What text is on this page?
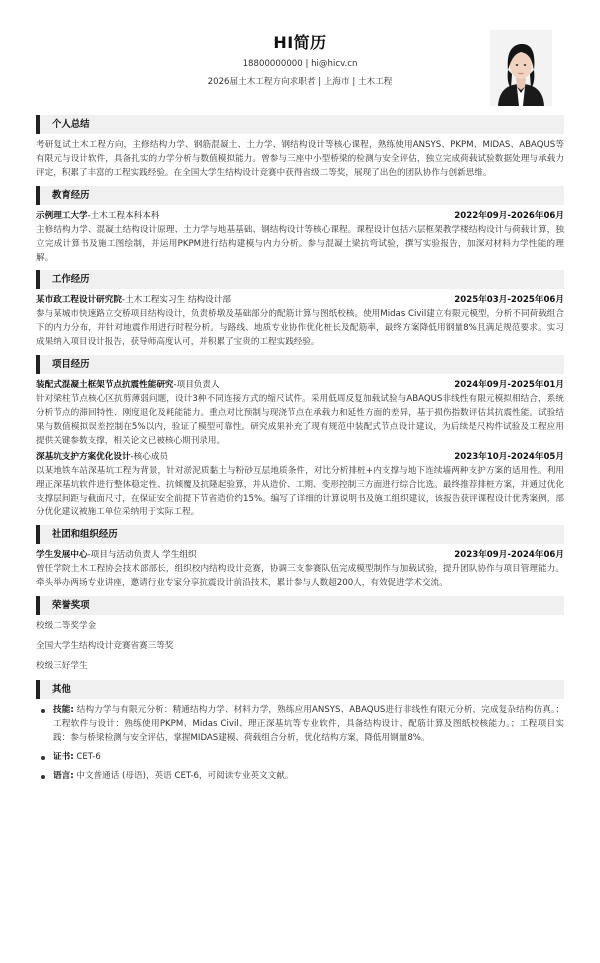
HI简历
18800000000 | hi@hicv.cn
2026届土木工程方向求职者 | 上海市 | 土木工程
个人总结
考研复试土木工程方向，主修结构力学、钢筋混凝土、土力学、钢结构设计等核心课程，熟练使用ANSYS、PKPM、MIDAS、ABAQUS等有限元与设计软件，具备扎实的力学分析与数值模拟能力。曾参与三座中小型桥梁的检测与安全评估，独立完成荷载试验数据处理与承载力评定，积累了丰富的工程实践经验。在全国大学生结构设计竞赛中获得省级二等奖，展现了出色的团队协作与创新思维。
教育经历
示例理工大学-土木工程本科本科	2022年09月-2026年06月
主修结构力学、混凝土结构设计原理、土力学与地基基础、钢结构设计等核心课程。课程设计包括六层框架教学楼结构设计与荷载计算，独立完成计算书及施工图绘制，并运用PKPM进行结构建模与内力分析。参与混凝土梁抗弯试验，撰写实验报告，加深对材料力学性能的理解。
工作经历
某市政工程设计研究院-土木工程实习生 结构设计部	2025年03月-2025年06月
参与某城市快速路立交桥项目结构设计，负责桥墩及基础部分的配筋计算与图纸校核。使用Midas Civil建立有限元模型，分析不同荷载组合下的内力分布，并针对地震作用进行时程分析。与路线、地质专业协作优化桩长及配筋率，最终方案降低用钢量8%且满足规范要求。实习成果纳入项目设计报告，获导师高度认可，并积累了宝贵的工程实践经验。
项目经历
装配式混凝土框架节点抗震性能研究-项目负责人	2024年09月-2025年01月
针对梁柱节点核心区抗剪薄弱问题，设计3种不同连接方式的缩尺试件。采用低周反复加载试验与ABAQUS非线性有限元模拟相结合，系统分析节点的滞回特性、刚度退化及耗能能力。重点对比预制与现浇节点在承载力和延性方面的差异，基于损伤指数评估其抗震性能。试验结果与数值模拟误差控制在5%以内，验证了模型可靠性。研究成果补充了现有规范中装配式节点设计建议，为后续是尺构件试验及工程应用提供关键参数支撑，相关论文已被核心期刊录用。
深基坑支护方案优化设计-核心成员	2023年10月-2024年05月
以某地铁车站深基坑工程为背景，针对淤泥质黏土与粉砂互层地质条件，对比分析排桩+内支撑与地下连续墙两种支护方案的适用性。利用理正深基坑软件进行整体稳定性、抗倾覆及抗隆起验算，并从造价、工期、变形控制三方面进行综合比选。最终推荐排桩方案，并通过优化支撑层间距与截面尺寸，在保证安全前提下节省造价约15%。编写了详细的计算说明书及施工组织建议，该报告获评课程设计优秀案例，部分优化建议被施工单位采纳用于实际工程。
社团和组织经历
学生发展中心-项目与活动负责人 学生组织	2023年09月-2024年06月
曾任学院土木工程协会技术部部长，组织校内结构设计竞赛，协调三支参赛队伍完成模型制作与加载试验，提升团队协作与项目管理能力。牵头举办两场专业讲座，邀请行业专家分享抗震设计前沿技术，累计参与人数超200人，有效促进学术交流。
荣誉奖项
校级二等奖学金
全国大学生结构设计竞赛省赛三等奖
校级三好学生
其他
技能: 结构力学与有限元分析：精通结构力学、材料力学，熟练应用ANSYS、ABAQUS进行非线性有限元分析，完成复杂结构仿真。；工程软件与设计：熟练使用PKPM、Midas Civil、理正深基坑等专业软件，具备结构设计、配筋计算及图纸校核能力。；工程项目实践：参与桥梁检测与安全评估，掌握MIDAS建模、荷载组合分析，优化结构方案，降低用钢量8%。
证书: CET-6
语言: 中文普通话 (母语)，英语 CET-6，可阅读专业英文文献。
